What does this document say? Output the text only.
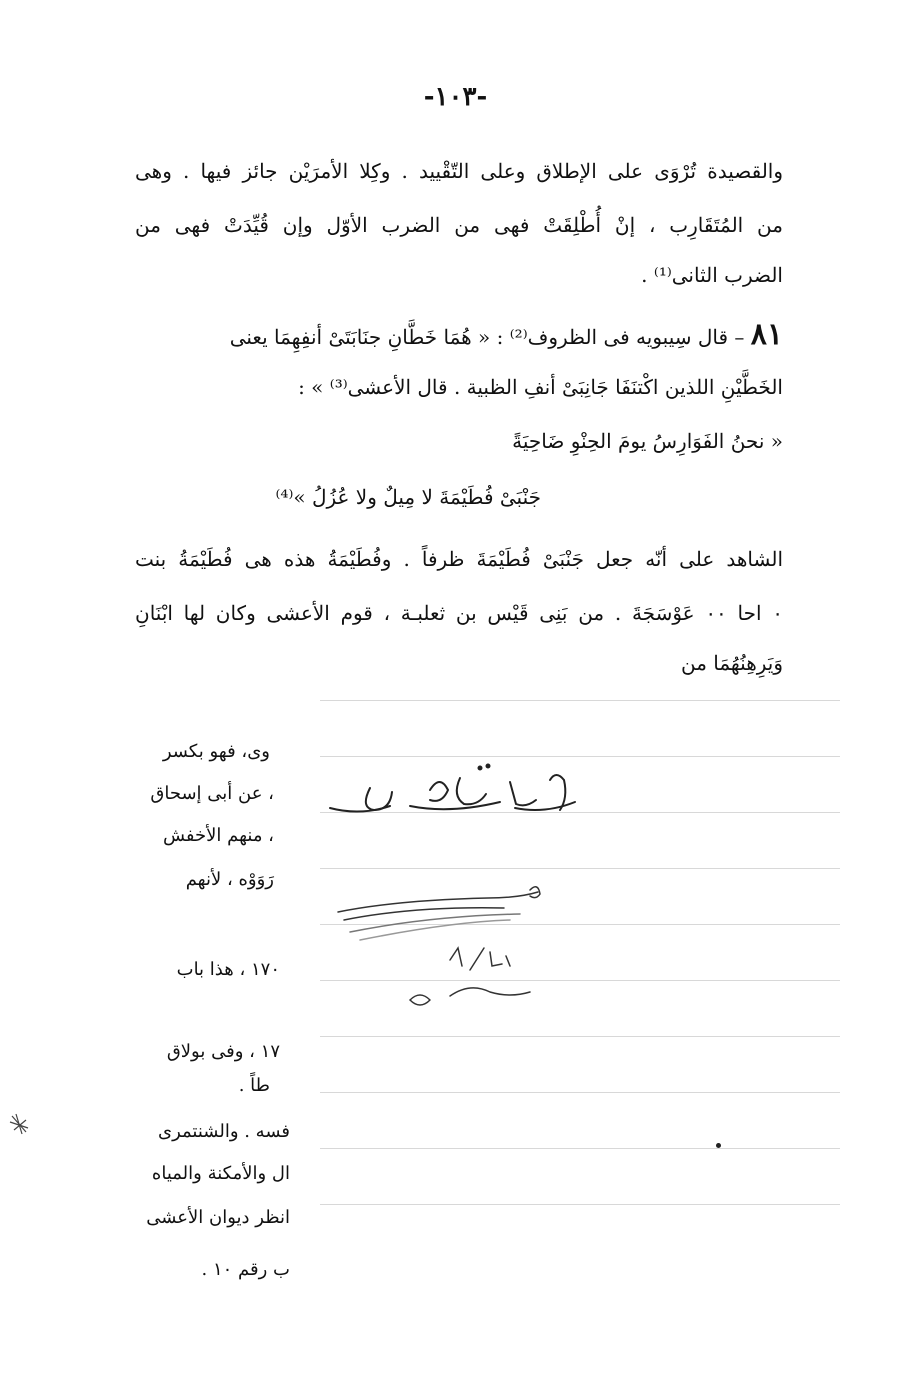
-١٠٣-
والقصيدة تُرْوَى على الإطلاق وعلى التّقْييد . وكِلا الأمرَيْن جائز فيها . وهى
من المُتَقَارِب ، إنْ أُطْلِقَتْ فهى من الضرب الأوّل وإن قُيِّدَتْ فهى من
الضرب الثانى⁽¹⁾ .
٨١ – قال سِيبويه فى الظروف⁽²⁾ : « هُمَا خَطَّانِ جنَابَتَىْ أنفِهِمَا يعنى
الخَطَّيْنِ اللذين اكْتنَفَا جَانِبَىْ أنفِ الظبية . قال الأعشى⁽³⁾ » :
« نحنُ الفَوَارِسُ يومَ الحِنْوِ ضَاحِيَةً
جَنْبَىْ فُطَيْمَةَ لا مِيلٌ ولا عُزُلُ »⁽⁴⁾
الشاهد على أنّه جعل جَنْبَىْ فُطَيْمَةَ ظرفاً . وفُطَيْمَةُ هذه هى فُطَيْمَةُ بنت
٠ احا ٠٠ عَوْسَجَةَ . من بَنِى قَيْس بن ثعلبـة ، قوم الأعشى وكان لها ابْنَانِ
وَيَرِهِنُهُمَا من
وى، فهو بكسر
، عن أبى إسحاق
، منهم الأخفش
رَوَوْه ، لأنهم
١٧٠ ، هذا باب
١٧ ، وفى بولاق
طاً .
فسه . والشنتمرى
ال والأمكنة والمياه
انظر ديوان الأعشى
ب رقم ١٠ .
